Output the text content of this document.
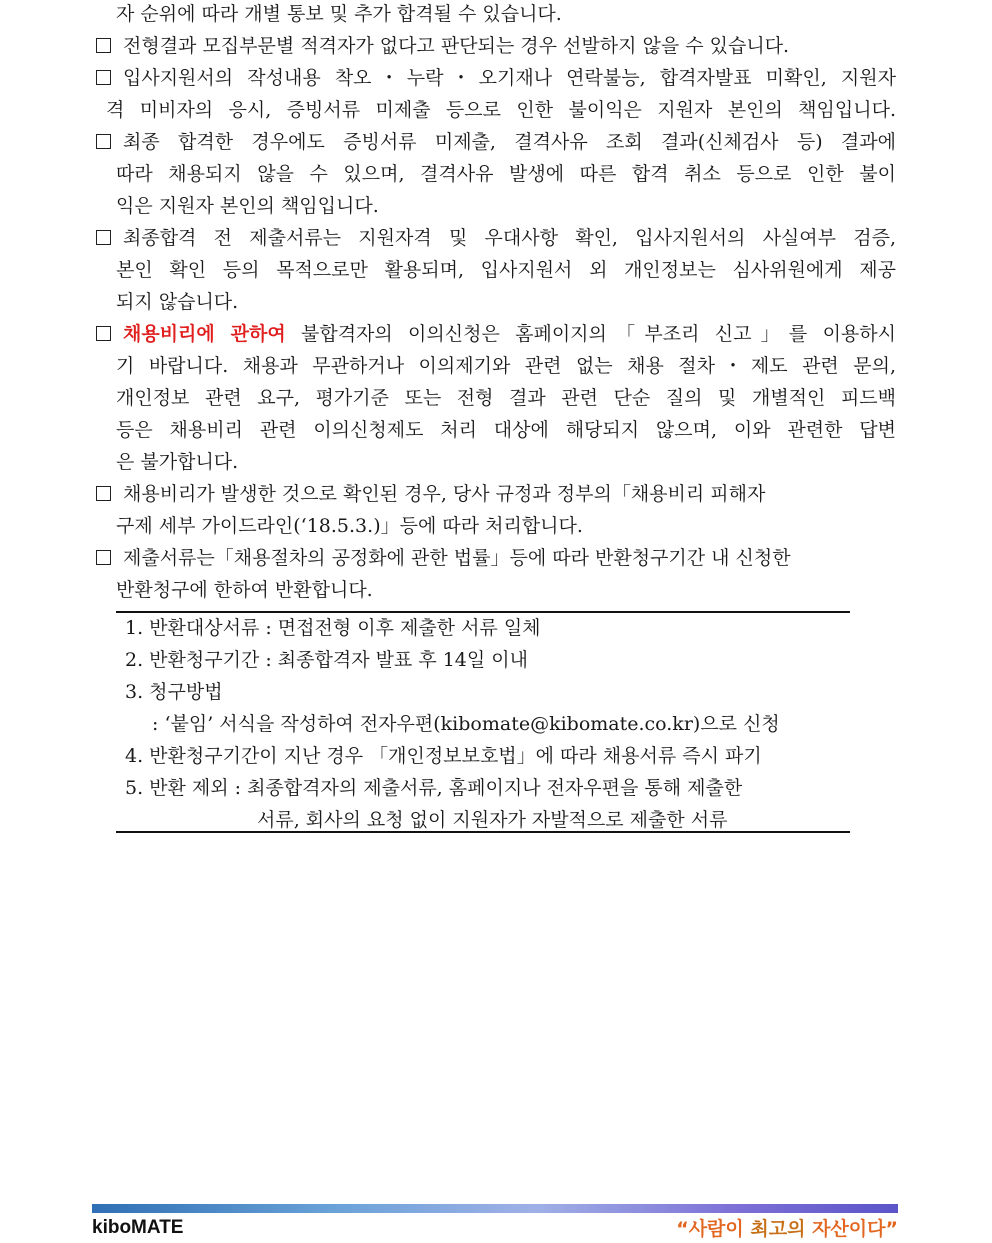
자 순위에 따라 개별 통보 및 추가 합격될 수 있습니다.
전형결과 모집부문별 적격자가 없다고 판단되는 경우 선발하지 않을 수 있습니다.
입사지원서의 작성내용 착오・누락・오기재나 연락불능, 합격자발표 미확인, 지원자
격 미비자의 응시, 증빙서류 미제출 등으로 인한 불이익은 지원자 본인의 책임입니다.
최종 합격한 경우에도 증빙서류 미제출, 결격사유 조회 결과(신체검사 등) 결과에
따라 채용되지 않을 수 있으며, 결격사유 발생에 따른 합격 취소 등으로 인한 불이
익은 지원자 본인의 책임입니다.
최종합격 전 제출서류는 지원자격 및 우대사항 확인, 입사지원서의 사실여부 검증,
본인 확인 등의 목적으로만 활용되며, 입사지원서 외 개인정보는 심사위원에게 제공
되지 않습니다.
채용비리에 관하여 불합격자의 이의신청은 홈페이지의「부조리 신고」를 이용하시
기 바랍니다. 채용과 무관하거나 이의제기와 관련 없는 채용 절차・제도 관련 문의,
개인정보 관련 요구, 평가기준 또는 전형 결과 관련 단순 질의 및 개별적인 피드백
등은 채용비리 관련 이의신청제도 처리 대상에 해당되지 않으며, 이와 관련한 답변
은 불가합니다.
채용비리가 발생한 것으로 확인된 경우, 당사 규정과 정부의「채용비리 피해자
구제 세부 가이드라인(‘18.5.3.)」등에 따라 처리합니다.
제출서류는「채용절차의 공정화에 관한 법률」등에 따라 반환청구기간 내 신청한
반환청구에 한하여 반환합니다.
1. 반환대상서류 : 면접전형 이후 제출한 서류 일체
2. 반환청구기간 : 최종합격자 발표 후 14일 이내
3. 청구방법
: ‘붙임’ 서식을 작성하여 전자우편(kibomate@kibomate.co.kr)으로 신청
4. 반환청구기간이 지난 경우 「개인정보보호법」에 따라 채용서류 즉시 파기
5. 반환 제외 : 최종합격자의 제출서류, 홈페이지나 전자우편을 통해 제출한
서류, 회사의 요청 없이 지원자가 자발적으로 제출한 서류
kiboMATE	“사람이 최고의 자산이다”
